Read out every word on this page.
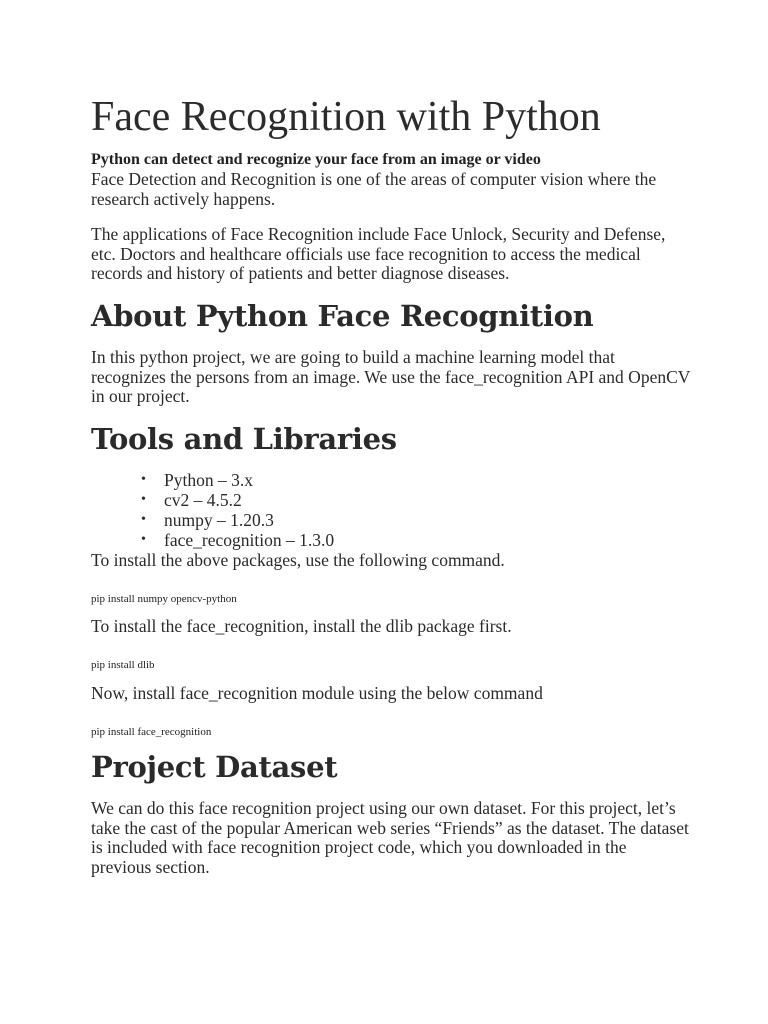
Face Recognition with Python

Python can detect and recognize your face from an image or video

Face Detection and Recognition is one of the areas of computer vision where the research actively happens.

The applications of Face Recognition include Face Unlock, Security and Defense, etc. Doctors and healthcare officials use face recognition to access the medical records and history of patients and better diagnose diseases.

About Python Face Recognition

In this python project, we are going to build a machine learning model that recognizes the persons from an image. We use the face_recognition API and OpenCV in our project.

Tools and Libraries
• Python – 3.x
• cv2 – 4.5.2
• numpy – 1.20.3
• face_recognition – 1.3.0

To install the above packages, use the following command.

pip install numpy opencv-python

To install the face_recognition, install the dlib package first.

pip install dlib

Now, install face_recognition module using the below command

pip install face_recognition

Project Dataset

We can do this face recognition project using our own dataset. For this project, let’s take the cast of the popular American web series “Friends” as the dataset. The dataset is included with face recognition project code, which you downloaded in the previous section.
